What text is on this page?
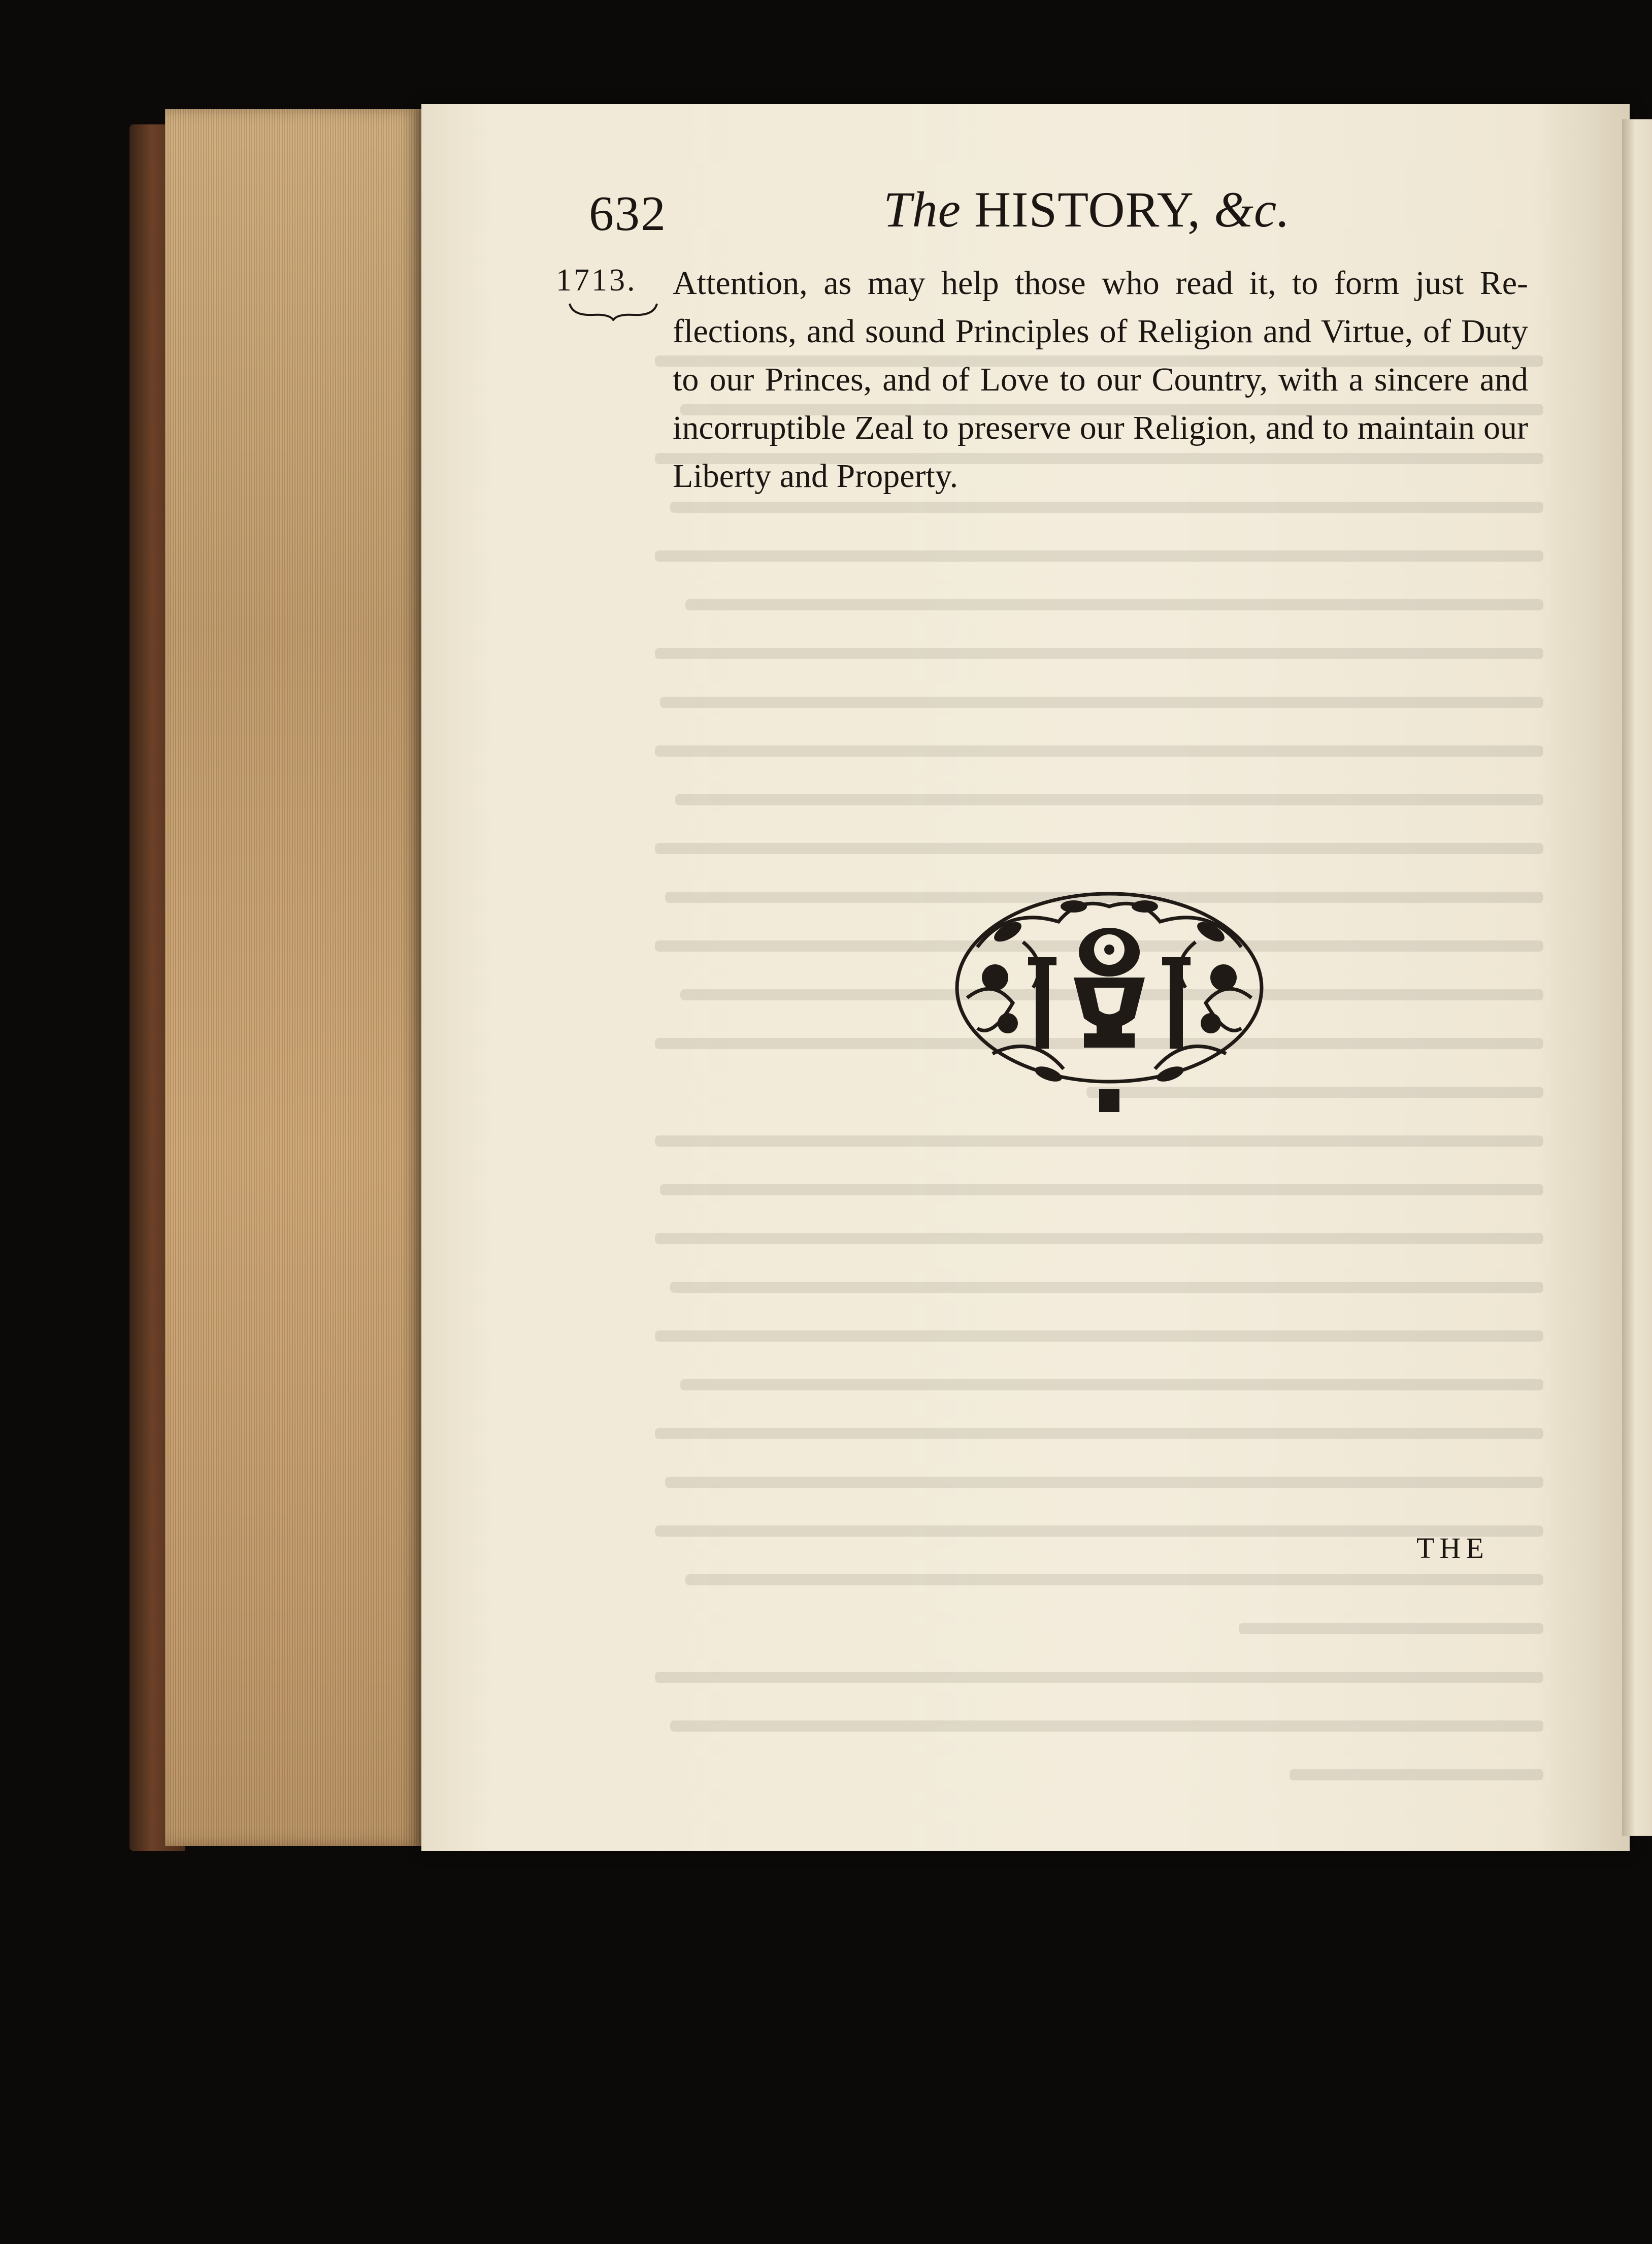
632	The HISTORY, &c.
1713. Attention, as may help those who read it, to form just Re-
flections, and sound Principles of Religion and Virtue, of Duty
to our Princes, and of Love to our Country, with a sincere and
incorruptible Zeal to preserve our Religion, and to maintain our
Liberty and Property.
THE
